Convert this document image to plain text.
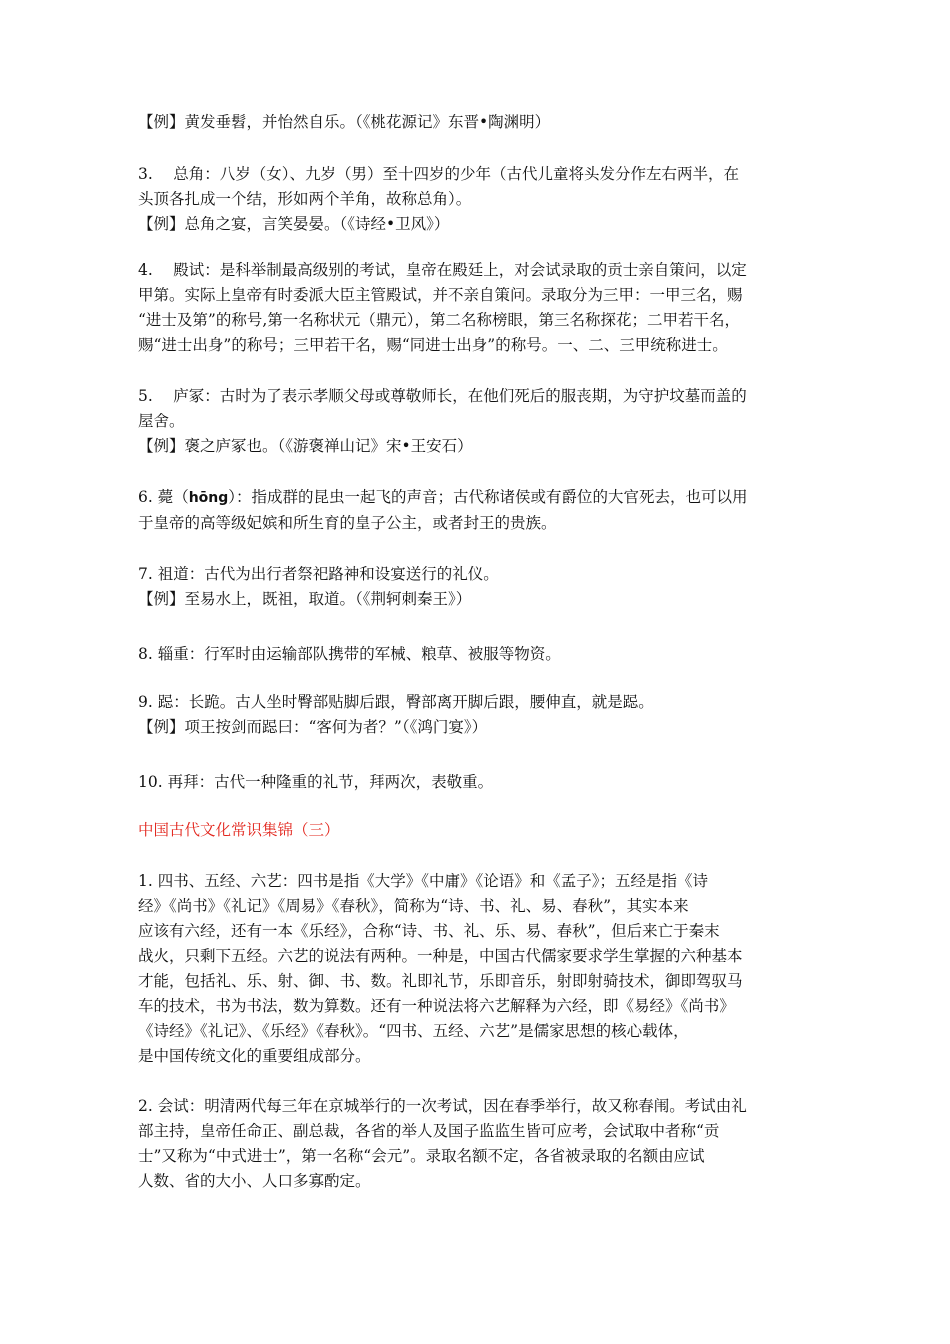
【例】黄发垂髫，并怡然自乐。（《桃花源记》东晋•陶渊明）
3.　 总角：八岁（女）、九岁（男）至十四岁的少年（古代儿童将头发分作左右两半，在
头顶各扎成一个结，形如两个羊角，故称总角）。
【例】总角之宴，言笑晏晏。（《诗经•卫风》）
4.　 殿试：是科举制最高级别的考试，皇帝在殿廷上，对会试录取的贡士亲自策问，以定
甲第。实际上皇帝有时委派大臣主管殿试，并不亲自策问。录取分为三甲：一甲三名，赐
“进士及第”的称号,第一名称状元（鼎元），第二名称榜眼，第三名称探花；二甲若干名，
赐“进士出身”的称号；三甲若干名，赐“同进士出身”的称号。一、二、三甲统称进士。
5.　 庐冢：古时为了表示孝顺父母或尊敬师长，在他们死后的服丧期，为守护坟墓而盖的
屋舍。
【例】褒之庐冢也。（《游褒禅山记》宋•王安石）
6. 薨（hōng）：指成群的昆虫一起飞的声音；古代称诸侯或有爵位的大官死去，也可以用
于皇帝的高等级妃嫔和所生育的皇子公主，或者封王的贵族。
7. 祖道：古代为出行者祭祀路神和设宴送行的礼仪。
【例】至易水上，既祖，取道。（《荆轲刺秦王》）
8. 辎重：行军时由运输部队携带的军械、粮草、被服等物资。
9. 跽：长跪。古人坐时臀部贴脚后跟，臀部离开脚后跟，腰伸直，就是跽。
【例】项王按剑而跽曰：“客何为者？”（《鸿门宴》）
10. 再拜：古代一种隆重的礼节，拜两次，表敬重。
中国古代文化常识集锦（三）
1. 四书、五经、六艺：四书是指《大学》《中庸》《论语》和《孟子》；五经是指《诗
经》《尚书》《礼记》《周易》《春秋》，简称为“诗、书、礼、易、春秋”，其实本来
应该有六经，还有一本《乐经》，合称“诗、书、礼、乐、易、春秋”，但后来亡于秦末
战火，只剩下五经。六艺的说法有两种。一种是，中国古代儒家要求学生掌握的六种基本
才能，包括礼、乐、射、御、书、数。礼即礼节，乐即音乐，射即射骑技术，御即驾驭马
车的技术，书为书法，数为算数。还有一种说法将六艺解释为六经，即《易经》《尚书》
《诗经》《礼记》、《乐经》《春秋》。“四书、五经、六艺”是儒家思想的核心载体，
是中国传统文化的重要组成部分。
2. 会试：明清两代每三年在京城举行的一次考试，因在春季举行，故又称春闱。考试由礼
部主持，皇帝任命正、副总裁，各省的举人及国子监监生皆可应考，会试取中者称“贡
士”又称为“中式进士”，第一名称“会元”。录取名额不定，各省被录取的名额由应试
人数、省的大小、人口多寡酌定。
